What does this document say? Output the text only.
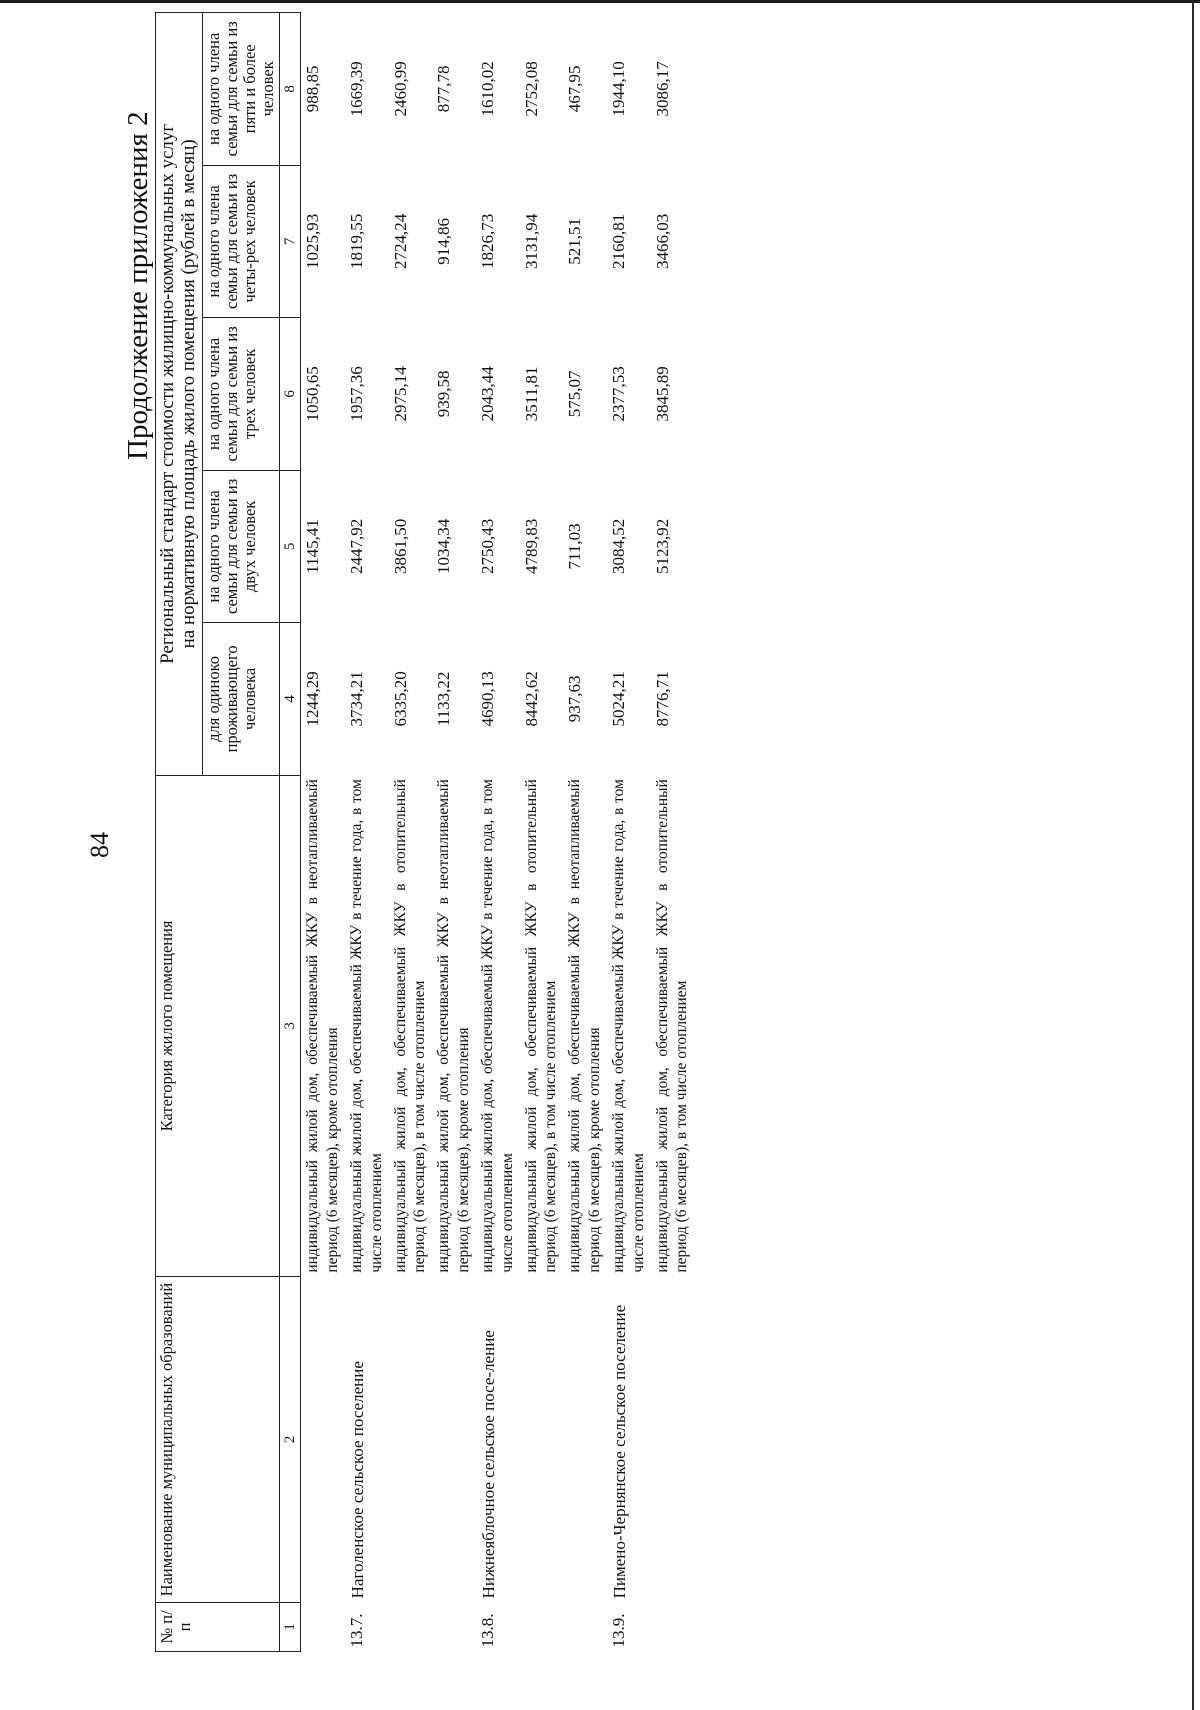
84
Продолжение приложения 2
№ п/п	Наименование муниципальных образований	Категория жилого помещения	Региональный стандарт стоимости жилищно-коммунальных услуг на нормативную площадь жилого помещения (рублей в месяц)				

			для одиноко проживающего человека	на одного члена семьи для семьи из двух человек	на одного члена семьи для семьи из трех человек	на одного члена семьи для семьи из четы-рех человек	на одного члена семьи для семьи из пяти и более человек
1	2	3	4	5	6	7	8
		индивидуальный жилой дом, обеспечиваемый ЖКУ в неотапливаемый период (6 месяцев), кроме отопления	1244,29	1145,41	1050,65	1025,93	988,85
13.7.	Наголенское сельское поселение	индивидуальный жилой дом, обеспечиваемый ЖКУ в течение года, в том числе отоплением	3734,21	2447,92	1957,36	1819,55	1669,39
		индивидуальный жилой дом, обеспечиваемый ЖКУ в отопительный период (6 месяцев), в том числе отоплением	6335,20	3861,50	2975,14	2724,24	2460,99
		индивидуальный жилой дом, обеспечиваемый ЖКУ в неотапливаемый период (6 месяцев), кроме отопления	1133,22	1034,34	939,58	914,86	877,78
13.8.	Нижнеяблочное сельское посе-ление	индивидуальный жилой дом, обеспечиваемый ЖКУ в течение года, в том числе отоплением	4690,13	2750,43	2043,44	1826,73	1610,02
		индивидуальный жилой дом, обеспечиваемый ЖКУ в отопительный период (6 месяцев), в том числе отоплением	8442,62	4789,83	3511,81	3131,94	2752,08
		индивидуальный жилой дом, обеспечиваемый ЖКУ в неотапливаемый период (6 месяцев), кроме отопления	937,63	711,03	575,07	521,51	467,95
13.9.	Пимено-Чернянское сельское поселение	индивидуальный жилой дом, обеспечиваемый ЖКУ в течение года, в том числе отоплением	5024,21	3084,52	2377,53	2160,81	1944,10
		индивидуальный жилой дом, обеспечиваемый ЖКУ в отопительный период (6 месяцев), в том числе отоплением	8776,71	5123,92	3845,89	3466,03	3086,17
